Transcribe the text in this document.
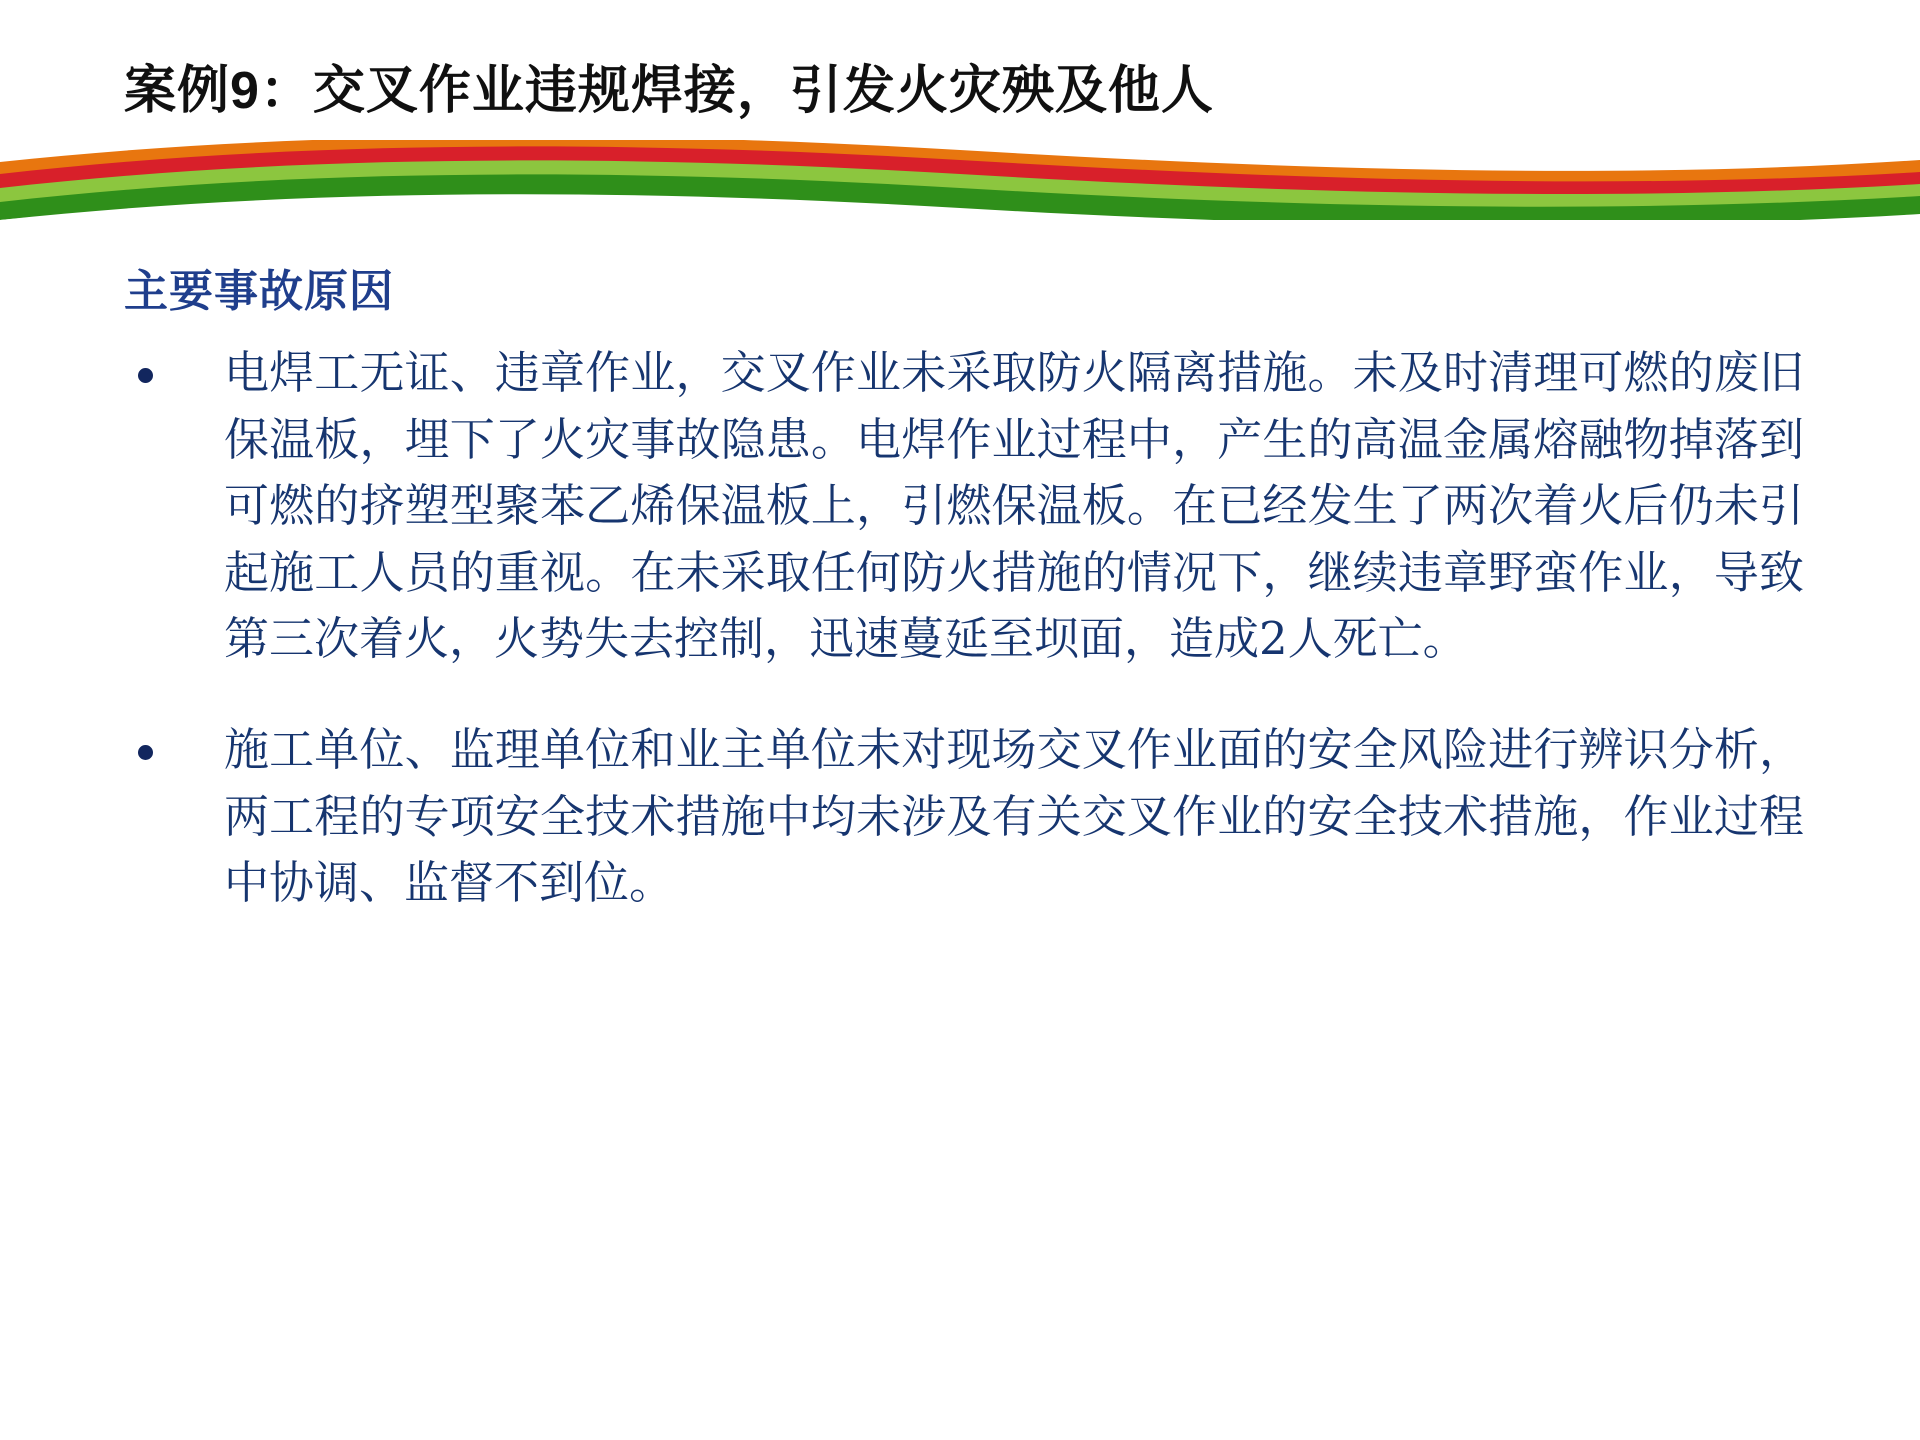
案例9：交叉作业违规焊接，引发火灾殃及他人
主要事故原因
电焊工无证、违章作业，交叉作业未采取防火隔离措施。未及时清理可燃的废旧保温板，埋下了火灾事故隐患。电焊作业过程中，产生的高温金属熔融物掉落到可燃的挤塑型聚苯乙烯保温板上，引燃保温板。在已经发生了两次着火后仍未引起施工人员的重视。在未采取任何防火措施的情况下，继续违章野蛮作业，导致第三次着火，火势失去控制，迅速蔓延至坝面，造成2人死亡。
施工单位、监理单位和业主单位未对现场交叉作业面的安全风险进行辨识分析，两工程的专项安全技术措施中均未涉及有关交叉作业的安全技术措施，作业过程中协调、监督不到位。
